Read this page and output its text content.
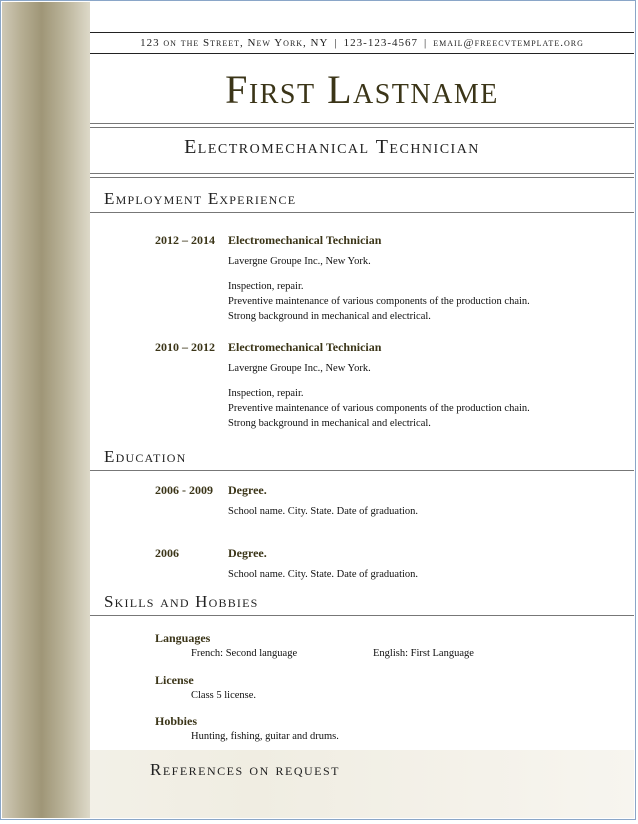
123 on the Street, New York, NY | 123-123-4567 | email@freecvtemplate.org
First Lastname
Electromechanical Technician
Employment Experience
2012 – 2014 Electromechanical Technician
Lavergne Groupe Inc., New York.
Inspection, repair.
Preventive maintenance of various components of the production chain.
Strong background in mechanical and electrical.
2010 – 2012 Electromechanical Technician
Lavergne Groupe Inc., New York.
Inspection, repair.
Preventive maintenance of various components of the production chain.
Strong background in mechanical and electrical.
Education
2006 - 2009 Degree.
School name. City. State. Date of graduation.
2006	Degree.
School name. City. State. Date of graduation.
Skills and Hobbies
Languages
French: Second language	English: First Language
License
Class 5 license.
Hobbies
Hunting, fishing, guitar and drums.
References on request
